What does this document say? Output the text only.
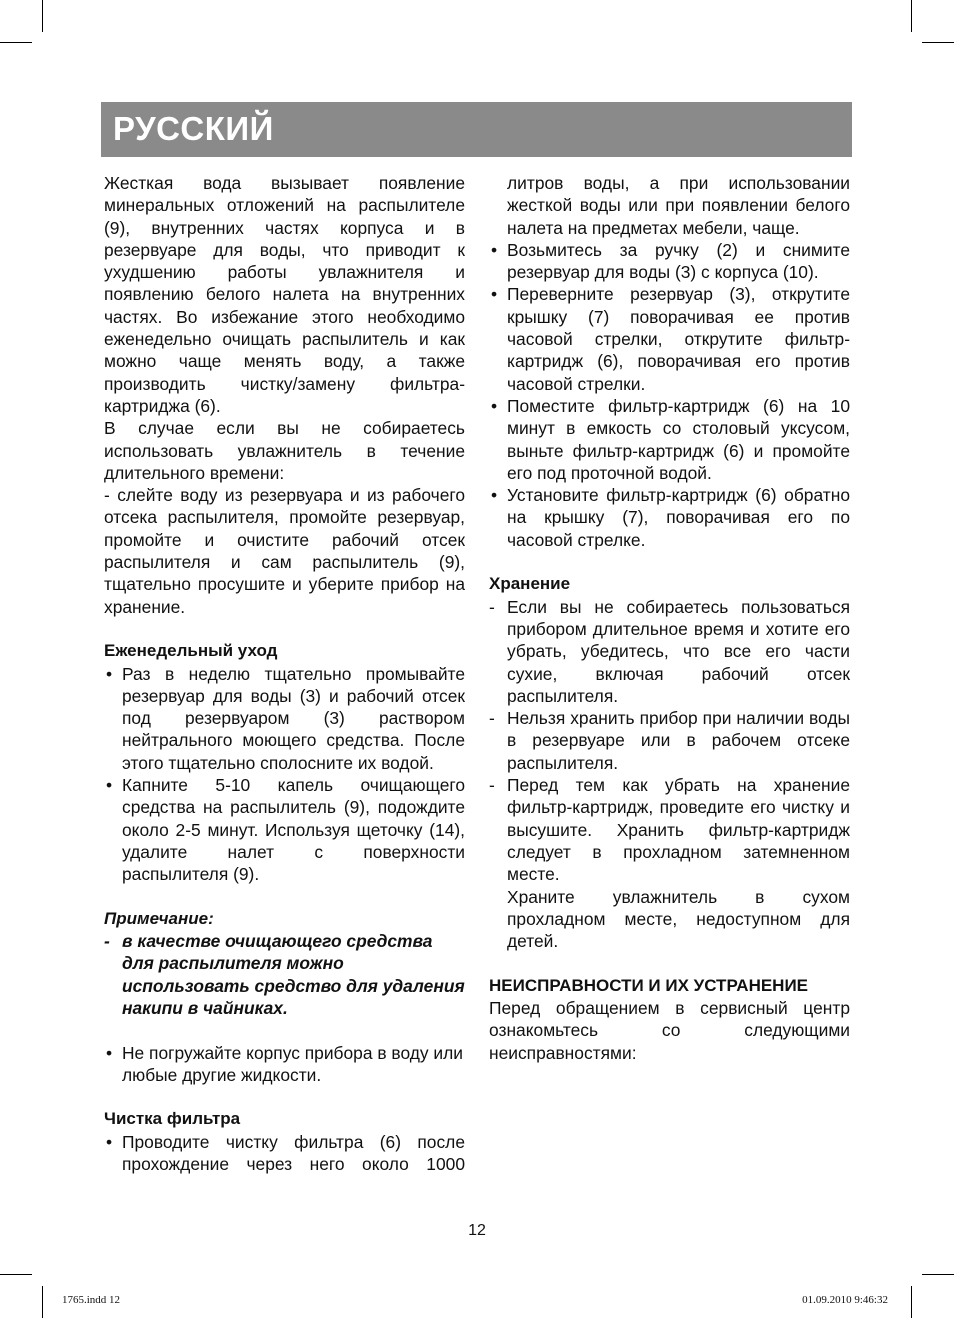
РУССКИЙ

Жесткая вода вызывает появление минеральных отложений на распылителе (9), внутренних частях корпуса и в резервуаре для воды, что приводит к ухудшению работы увлажнителя и появлению белого налета на внутренних частях. Во избежание этого необходимо еженедельно очищать распылитель и как можно чаще менять воду, а также производить чистку/замену фильтра-картриджа (6).

В случае если вы не собираетесь использовать увлажнитель в течение длительного времени:

- слейте воду из резервуара и из рабочего отсека распылителя, промойте резервуар, промойте и очистите рабочий отсек распылителя и сам распылитель (9), тщательно просушите и уберите прибор на хранение.

Еженедельный уход

• Раз в неделю тщательно промывайте резервуар для воды (3) и рабочий отсек под резервуаром (3) раствором нейтрального моющего средства. После этого тщательно сполосните их водой.
• Капните 5-10 капель очищающего средства на распылитель (9), подождите около 2-5 минут. Используя щеточку (14), удалите налет с поверхности распылителя (9).

Примечание:

- в качестве очищающего средства для распылителя можно использовать средство для удаления накипи в чайниках.
• Не погружайте корпус прибора в воду или любые другие жидкости.

Чистка фильтра

• Проводите чистку фильтра (6) после прохождение через него около 1000

литров воды, а при использовании жесткой воды или при появлении белого налета на предметах мебели, чаще.

• Возьмитесь за ручку (2) и снимите резервуар для воды (3) с корпуса (10).
• Переверните резервуар (3), открутите крышку (7) поворачивая ее против часовой стрелки, открутите фильтр-картридж (6), поворачивая его против часовой стрелки.
• Поместите фильтр-картридж (6) на 10 минут в емкость со столовый уксусом, выньте фильтр-картридж (6) и промойте его под проточной водой.
• Установите фильтр-картридж (6) обратно на крышку (7), поворачивая его по часовой стрелке.

Хранение

- Если вы не собираетесь пользоваться прибором длительное время и хотите его убрать, убедитесь, что все его части сухие, включая рабочий отсек распылителя.
- Нельзя хранить прибор при наличии воды в резервуаре или в рабочем отсеке распылителя.
- Перед тем как убрать на хранение фильтр-картридж, проведите его чистку и высушите. Хранить фильтр-картридж следует в прохладном затемненном месте.

Храните увлажнитель в сухом прохладном месте, недоступном для детей.

НЕИСПРАВНОСТИ И ИХ УСТРАНЕНИЕ

Перед обращением в сервисный центр ознакомьтесь со следующими неисправностями:

12
1765.indd 12	01.09.2010 9:46:32
